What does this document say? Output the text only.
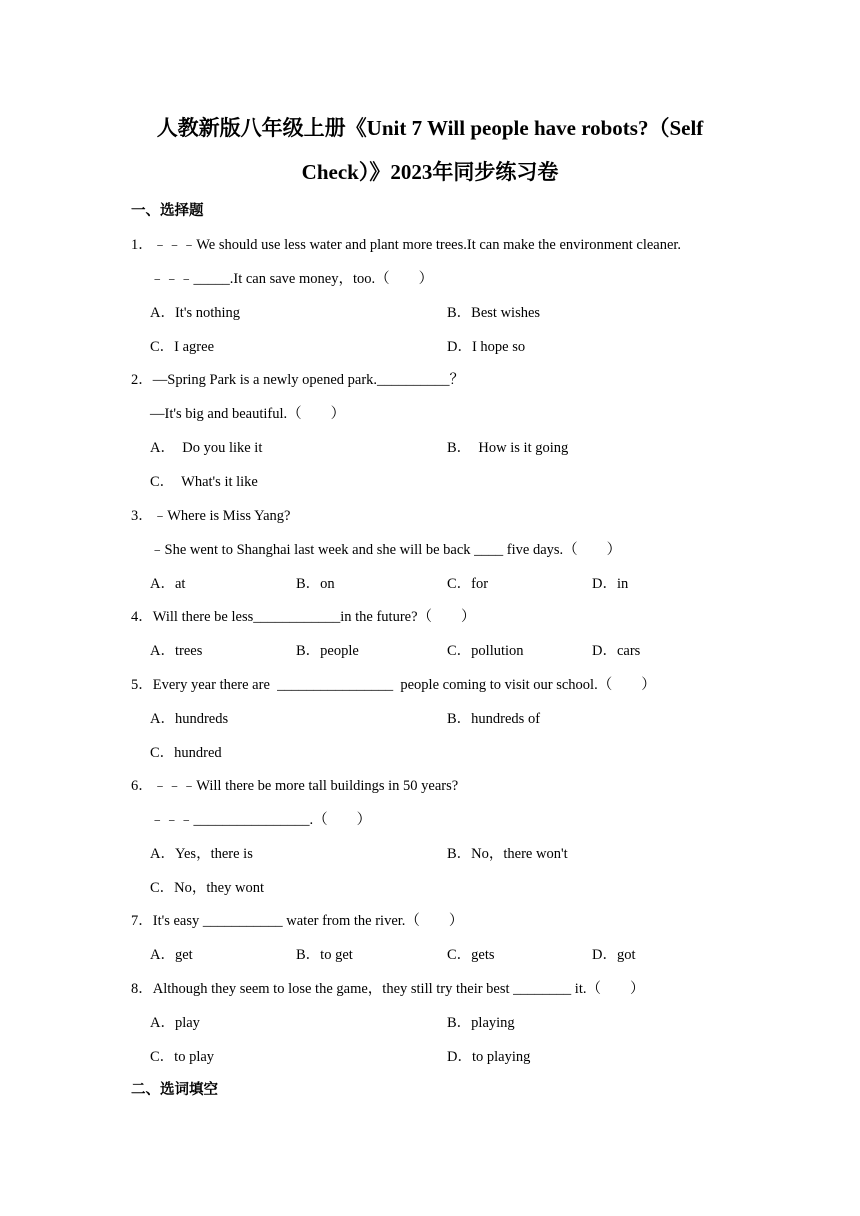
人教新版八年级上册《Unit 7 Will people have robots?（Self
Check）》2023年同步练习卷
一、选择题
1．﹣﹣﹣We should use less water and plant more trees.It can make the environment cleaner.
﹣﹣﹣_____.It can save money，too.（　　）
A．It's nothing	B．Best wishes
C．I agree	D．I hope so
2．—Spring Park is a newly opened park.__________？
—It's big and beautiful.（　　）
A．  Do you like it	B．  How is it going
C．  What's it like
3．﹣Where is Miss Yang?
﹣She went to Shanghai last week and she will be back ____ five days.（　　）
A．at	B．on	C．for	D．in
4．Will there be less____________in the future?（　　）
A．trees	B．people	C．pollution	D．cars
5．Every year there are  ________________  people coming to visit our school.（　　）
A．hundreds	B．hundreds of
C．hundred
6．﹣﹣﹣Will there be more tall buildings in 50 years?
﹣﹣﹣________________.（　　）
A．Yes，there is	B．No，there won't
C．No，they wont
7．It's easy ___________ water from the river.（　　）
A．get	B．to get	C．gets	D．got
8．Although they seem to lose the game，they still try their best ________ it.（　　）
A．play	B．playing
C．to play	D．to playing
二、选词填空
